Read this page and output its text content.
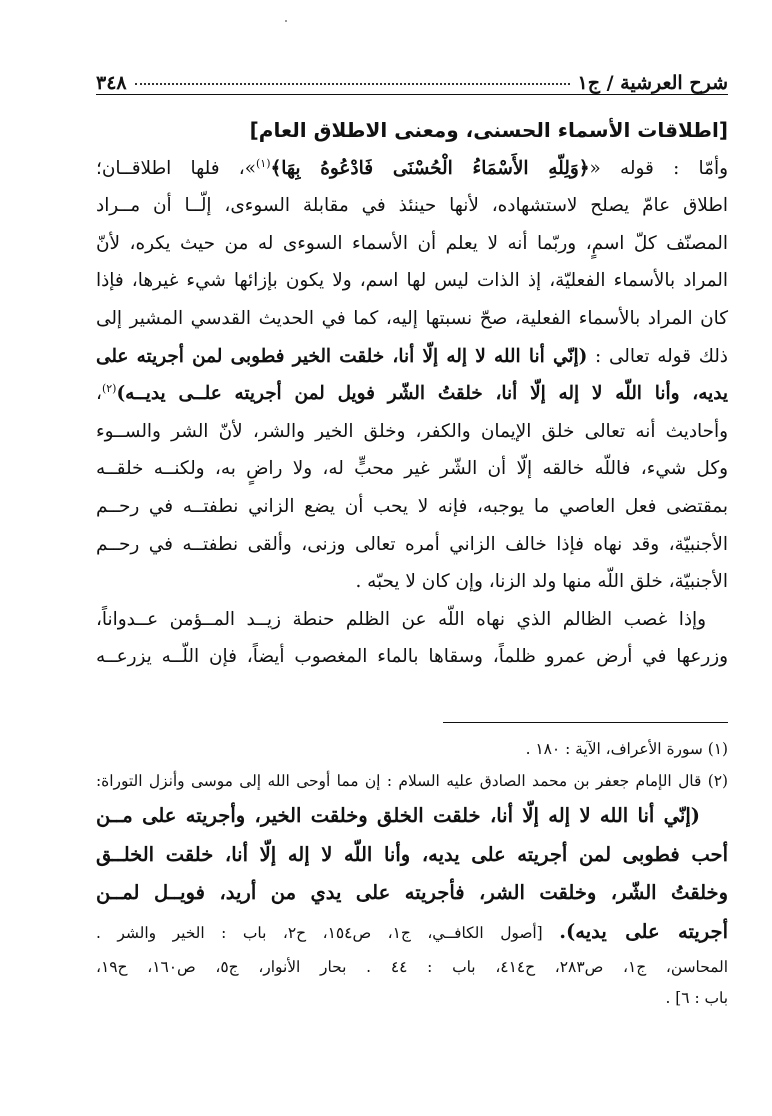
شرح العرشية / ج١
٣٤٨

[اطلاقات الأسماء الحسنى، ومعنى الاطلاق العام]

وأمّا : قوله «﴿وَلِلّهِ الأَسْمَاءُ الْحُسْنَى فَادْعُوهُ بِهَا﴾$^{(١)}$»، فلها اطلاقــان؛

اطلاق عامّ يصلح لاستشهاده، لأنها حينئذ في مقابلة السوءى، إلّــا أن مــراد

المصنّف كلّ اسمٍ، وربّما أنه لا يعلم أن الأسماء السوءى له من حيث يكره، لأنّ

المراد بالأسماء الفعليّة، إذ الذات ليس لها اسم، ولا يكون بإزائها شيء غيرها، فإذا

كان المراد بالأسماء الفعلية، صحّ نسبتها إليه، كما في الحديث القدسي المشير إلى

ذلك قوله تعالى : (إنّي أنا الله لا إله إلّا أنا، خلقت الخير فطوبى لمن أجريته على

يديه، وأنا اللّه لا إله إلّا أنا، خلقتُ الشّر فويل لمن أجريته علــى يديــه)$^{(٢)}$،

وأحاديث أنه تعالى خلق الإيمان والكفر، وخلق الخير والشر، لأنّ الشر والســوء

وكل شيء، فاللّه خالقه إلّا أن الشّر غير محبٍّ له، ولا راضٍ به، ولكنــه خلقــه

بمقتضى فعل العاصي ما يوجبه، فإنه لا يحب أن يضع الزاني نطفتــه في رحــم

الأجنبيّة، وقد نهاه فإذا خالف الزاني أمره تعالى وزنى، وألقى نطفتــه في رحــم

الأجنبيّة، خلق اللّه منها ولد الزنا، وإن كان لا يحبّه .

وإذا غصب الظالم الذي نهاه اللّه عن الظلم حنطة زيــد المــؤمن عــدواناً،

وزرعها في أرض عمرو ظلماً، وسقاها بالماء المغصوب أيضاً، فإن اللّــه يزرعــه

(١) سورة الأعراف، الآية : ١٨٠ .

(٢) قال الإمام جعفر بن محمد الصادق عليه السلام : إن مما أوحى الله إلى موسى وأنزل التوراة:

(إنّي أنا الله لا إله إلّا أنا، خلقت الخلق وخلقت الخير، وأجريته على مــن

أحب فطوبى لمن أجريته على يديه، وأنا اللّه لا إله إلّا أنا، خلقت الخلــق

وخلقتُ الشّر، وخلقت الشر، فأجريته على يدي من أريد، فويــل لمــن

أجريته على يديه). [أصول الكافــي، ج١، ص١٥٤، ح٢، باب : الخير والشر .

المحاسن، ج١، ص٢٨٣، ح٤١٤، باب : ٤٤ . بحار الأنوار، ج٥، ص١٦٠، ح١٩،

باب : ٦] .
